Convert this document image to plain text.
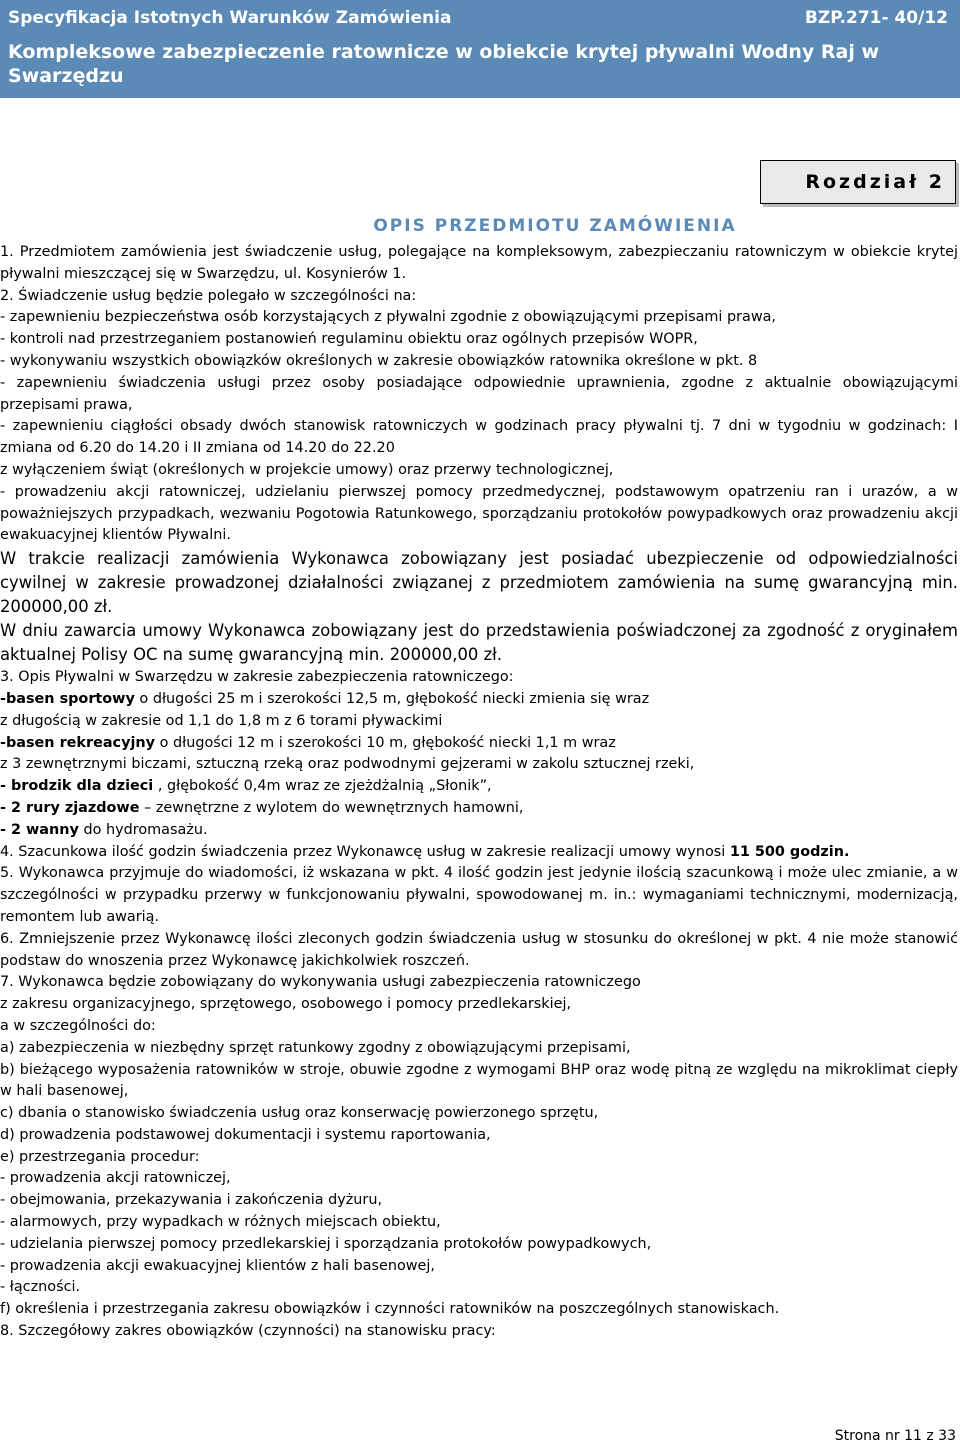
Specyfikacja Istotnych Warunków Zamówienia	BZP.271- 40/12
Kompleksowe zabezpieczenie ratownicze w obiekcie krytej pływalni Wodny Raj w Swarzędzu
Rozdział 2
OPIS PRZEDMIOTU ZAMÓWIENIA

1. Przedmiotem zamówienia jest świadczenie usług, polegające na kompleksowym, zabezpieczaniu ratowniczym w obiekcie krytej pływalni mieszczącej się w Swarzędzu, ul. Kosynierów 1.

2. Świadczenie usług będzie polegało w szczególności na:

- zapewnieniu bezpieczeństwa osób korzystających z pływalni zgodnie z obowiązującymi przepisami prawa,

- kontroli nad przestrzeganiem postanowień regulaminu obiektu oraz ogólnych przepisów WOPR,

- wykonywaniu wszystkich obowiązków określonych w zakresie obowiązków ratownika określone w pkt. 8

- zapewnieniu świadczenia usługi przez osoby posiadające odpowiednie uprawnienia, zgodne z aktualnie obowiązującymi przepisami prawa,

- zapewnieniu ciągłości obsady dwóch stanowisk ratowniczych w godzinach pracy pływalni tj. 7 dni w tygodniu w godzinach: I zmiana od 6.20 do 14.20 i II zmiana od 14.20 do 22.20

z wyłączeniem świąt (określonych w projekcie umowy) oraz przerwy technologicznej,

- prowadzeniu akcji ratowniczej, udzielaniu pierwszej pomocy przedmedycznej, podstawowym opatrzeniu ran i urazów, a w poważniejszych przypadkach, wezwaniu Pogotowia Ratunkowego, sporządzaniu protokołów powypadkowych oraz prowadzeniu akcji ewakuacyjnej klientów Pływalni.

W trakcie realizacji zamówienia Wykonawca zobowiązany jest posiadać ubezpieczenie od odpowiedzialności cywilnej w zakresie prowadzonej działalności związanej z przedmiotem zamówienia na sumę gwarancyjną min. 200000,00 zł.

W dniu zawarcia umowy Wykonawca zobowiązany jest do przedstawienia poświadczonej za zgodność z oryginałem aktualnej Polisy OC na sumę gwarancyjną min. 200000,00 zł.

3. Opis Pływalni w Swarzędzu w zakresie zabezpieczenia ratowniczego:

-basen sportowy o długości 25 m i szerokości 12,5 m, głębokość niecki zmienia się wraz

z długością w zakresie od 1,1 do 1,8 m z 6 torami pływackimi

-basen rekreacyjny o długości 12 m i szerokości 10 m, głębokość niecki 1,1 m wraz

z 3 zewnętrznymi biczami, sztuczną rzeką oraz podwodnymi gejzerami w zakolu sztucznej rzeki,

- brodzik dla dzieci , głębokość 0,4m wraz ze zjeżdżalnią „Słonik”,

- 2 rury zjazdowe – zewnętrzne z wylotem do wewnętrznych hamowni,

- 2 wanny do hydromasażu.

4. Szacunkowa ilość godzin świadczenia przez Wykonawcę usług w zakresie realizacji umowy wynosi 11 500 godzin.

5. Wykonawca przyjmuje do wiadomości, iż wskazana w pkt. 4 ilość godzin jest jedynie ilością szacunkową i może ulec zmianie, a w szczególności w przypadku przerwy w funkcjonowaniu pływalni, spowodowanej m. in.: wymaganiami technicznymi, modernizacją, remontem lub awarią.

6. Zmniejszenie przez Wykonawcę ilości zleconych godzin świadczenia usług w stosunku do określonej w pkt. 4 nie może stanowić podstaw do wnoszenia przez Wykonawcę jakichkolwiek roszczeń.

7. Wykonawca będzie zobowiązany do wykonywania usługi zabezpieczenia ratowniczego

z zakresu organizacyjnego, sprzętowego, osobowego i pomocy przedlekarskiej,

a w szczególności do:

a) zabezpieczenia w niezbędny sprzęt ratunkowy zgodny z obowiązującymi przepisami,

b) bieżącego wyposażenia ratowników w stroje, obuwie zgodne z wymogami BHP oraz wodę pitną ze względu na mikroklimat ciepły w hali basenowej,

c) dbania o stanowisko świadczenia usług oraz konserwację powierzonego sprzętu,

d) prowadzenia podstawowej dokumentacji i systemu raportowania,

e) przestrzegania procedur:

- prowadzenia akcji ratowniczej,

- obejmowania, przekazywania i zakończenia dyżuru,

- alarmowych, przy wypadkach w różnych miejscach obiektu,

- udzielania pierwszej pomocy przedlekarskiej i sporządzania protokołów powypadkowych,

- prowadzenia akcji ewakuacyjnej klientów z hali basenowej,

- łączności.

f) określenia i przestrzegania zakresu obowiązków i czynności ratowników na poszczególnych stanowiskach.

8. Szczegółowy zakres obowiązków (czynności) na stanowisku pracy:

Strona nr 11 z 33
